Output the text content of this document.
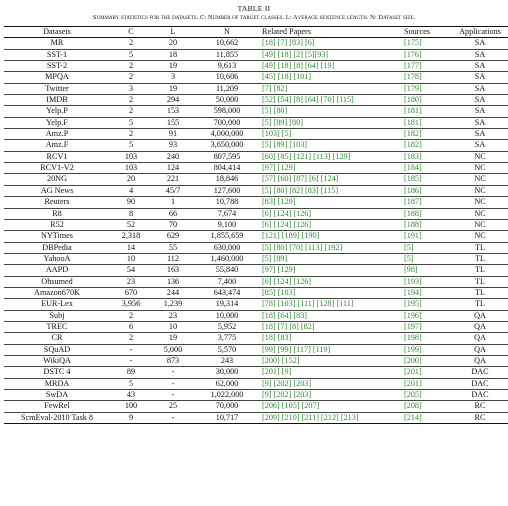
TABLE II
Summary statistics for the datasets. C: Number of target classes. L: Average sentence length. N: Dataset size.
Datasets	C	L	N	Related Papers	Sources	Applications
MR	2	20	10,662	[18] [7] [83] [6]	[175]	SA
SST-1	5	18	11,855	[49] [18] [2] [5][93]	[176]	SA
SST-2	2	19	9,613	[49] [18] [8] [64] [19]	[177]	SA
MPQA	2	3	10,606	[45] [18] [101]	[178]	SA
Twitter	3	19	11,209	[7] [82]	[179]	SA
IMDB	2	294	50,000	[52] [54] [8] [64] [70] [115]	[180]	SA
Yelp.P	2	153	598,000	[5] [80]	[181]	SA
Yelp.F	5	155	700,000	[5] [89] [80]	[181]	SA
Amz.P	2	91	4,000,000	[103] [5]	[182]	SA
Amz.F	5	93	3,650,000	[5] [89] [103]	[182]	SA
RCV1	103	240	807,595	[60] [85] [121] [113] [129]	[183]	NC
RCV1-V2	103	124	804,414	[97] [129]	[184]	NC
20NG	20	221	18,846	[57] [60] [87] [6] [124]	[185]	NC
AG News	4	45/7	127,600	[5] [80] [82] [83] [115]	[186]	NC
Reuters	90	1	10,788	[83] [129]	[187]	NC
R8	8	66	7,674	[6] [124] [126]	[188]	NC
R52	52	70	9,100	[6] [124] [126]	[188]	NC
NYTimes	2,318	629	1,855,659	[121] [189] [190]	[191]	NC
DBPedia	14	55	630,000	[5] [80] [70] [113] [192]	[5]	TL
YahooA	10	112	1,460,000	[5] [89]	[5]	TL
AAPD	54	163	55,840	[97] [129]	[98]	TL
Ohsumed	23	136	7,400	[6] [124] [126]	[193]	TL
Amazon670K	670	244	643,474	[85] [103]	[194]	TL
EUR-Lex	3,956	1,239	19,314	[78] [103] [111] [128] [111]	[195]	TL
Subj	2	23	10,000	[18] [64] [83]	[196]	QA
TREC	6	10	5,952	[18] [7] [8] [82]	[197]	QA
CR	2	19	3,775	[18] [83]	[198]	QA
SQuAD	-	5,000	5,570	[99] [99] [117] [119]	[199]	QA
WikiQA	-	873	243	[200] [152]	[200]	QA
DSTC 4	89	-	30,000	[201] [9]	[201]	DAC
MRDA	5	-	62,000	[9] [202] [203]	[201]	DAC
SwDA	43	-	1,022,000	[9] [202] [203]	[205]	DAC
FewRel	100	25	70,000	[206] [105] [207]	[208]	RC
ScmEval-2010 Task 8	9	-	10,717	[209] [210] [211] [212] [213]	[214]	RC
